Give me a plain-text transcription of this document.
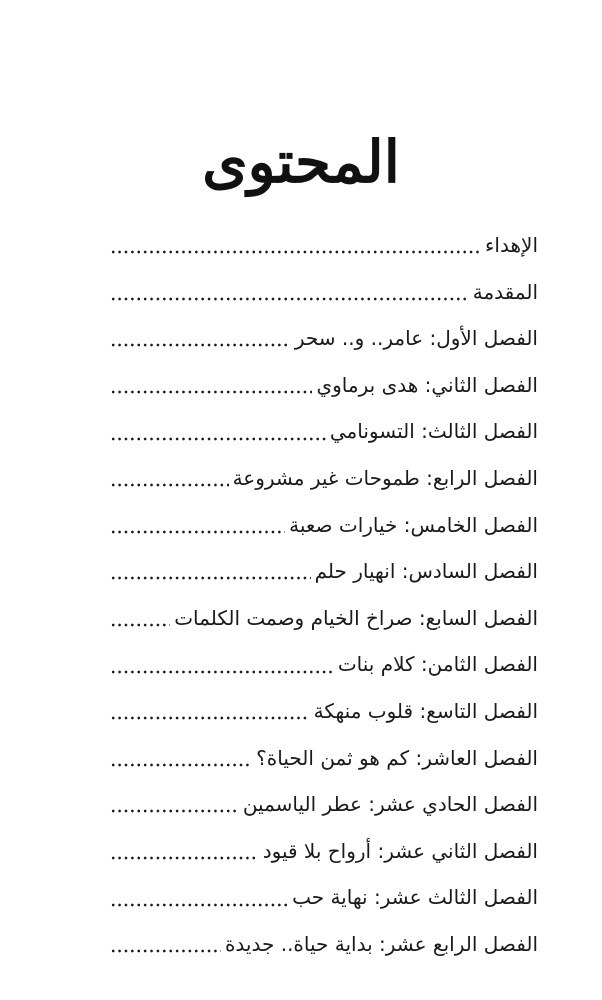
المحتوى
الإهداء
المقدمة
الفصل الأول: عامر.. و.. سحر
الفصل الثاني: هدى برماوي
الفصل الثالث: التسونامي
الفصل الرابع: طموحات غير مشروعة
الفصل الخامس: خيارات صعبة
الفصل السادس: انهيار حلم
الفصل السابع: صراخ الخيام وصمت الكلمات
الفصل الثامن: كلام بنات
الفصل التاسع: قلوب منهكة
الفصل العاشر: كم هو ثمن الحياة؟
الفصل الحادي عشر: عطر الياسمين
الفصل الثاني عشر: أرواح بلا قيود
الفصل الثالث عشر: نهاية حب
الفصل الرابع عشر: بداية حياة.. جديدة
